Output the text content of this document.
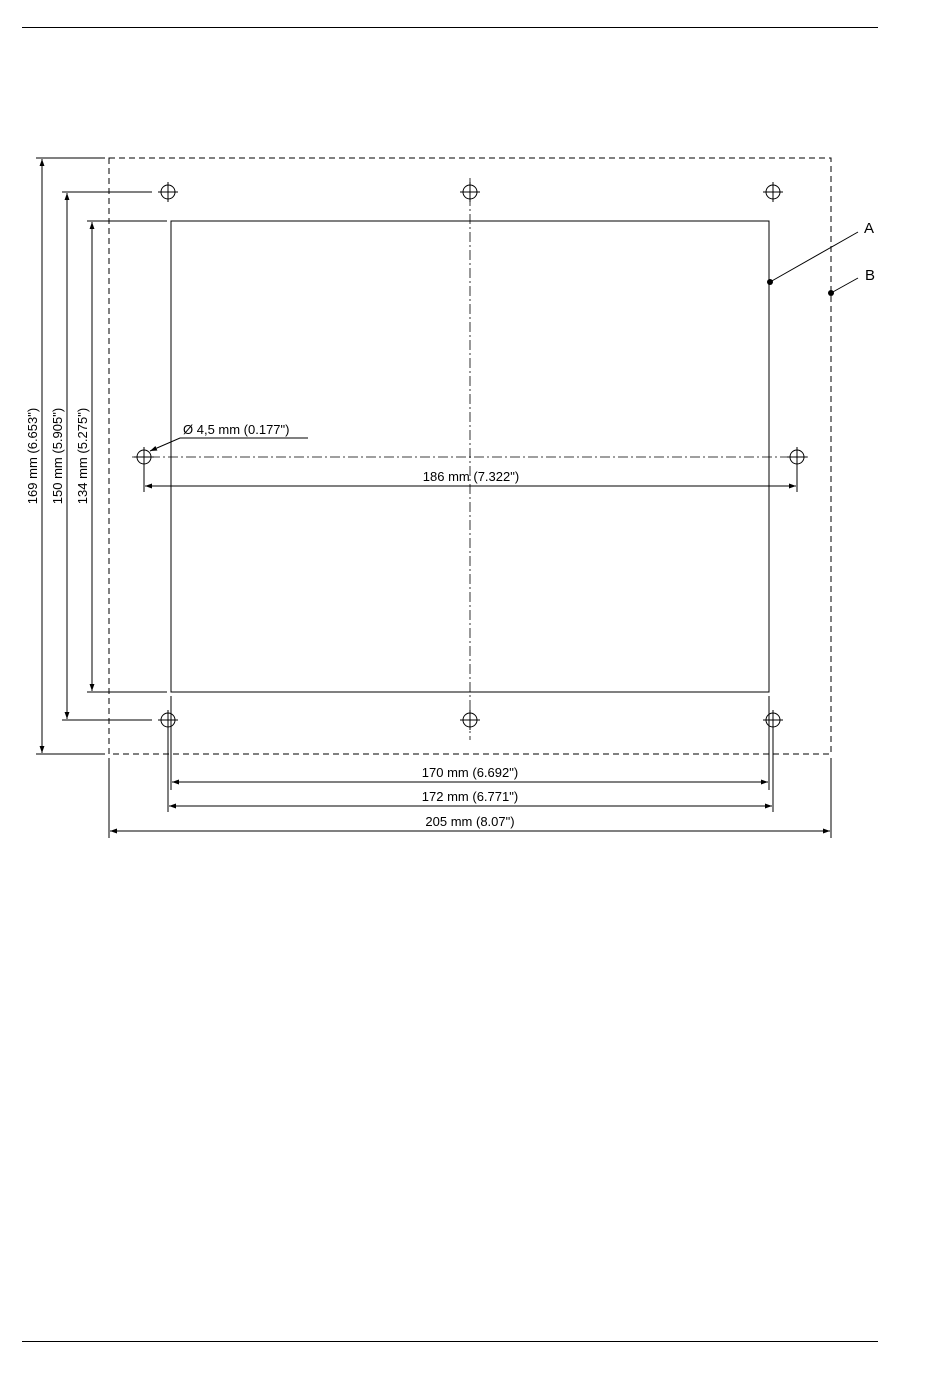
A
B
Ø 4,5 mm (0.177")
186 mm (7.322")
170 mm (6.692")
172 mm (6.771")
205 mm (8.07")
169 mm (6.653") 150 mm (5.905") 134 mm (5.275")
